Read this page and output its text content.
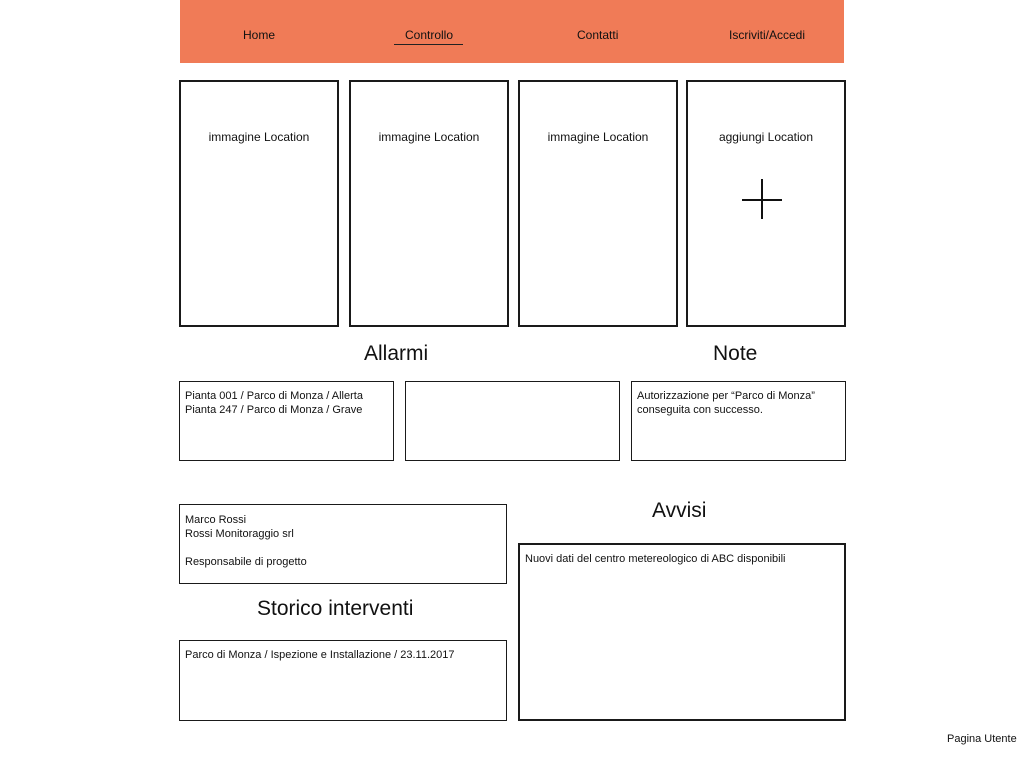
Home	Controllo	Contatti	Iscriviti/Accedi
immagine Location	immagine Location	immagine Location	aggiungi Location
Allarmi	Note
Pianta 001 / Parco di Monza / Allerta
Pianta 247 / Parco di Monza / Grave
Autorizzazione per “Parco di Monza”
conseguita con successo.
Marco Rossi
Rossi Monitoraggio srl
Responsabile di progetto
Storico interventi
Parco di Monza / Ispezione e Installazione / 23.11.2017
Avvisi
Nuovi dati del centro metereologico di ABC disponibili
Pagina Utente
